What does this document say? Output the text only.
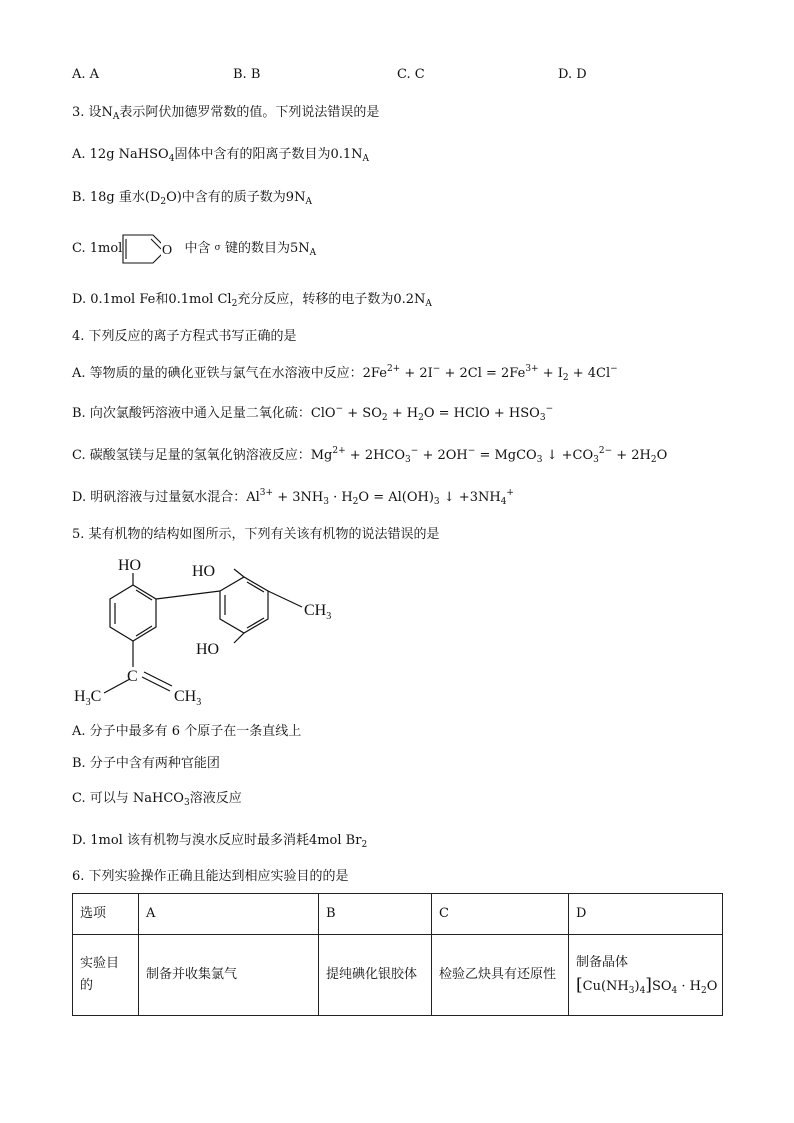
A. A	B. B	C. C	D. D
3. 设$N_A$表示阿伏加德罗常数的值。下列说法错误的是
A. 12g NaHSO$_4$固体中含有的阳离子数目为$0.1N_A$
B. 18g 重水$(D_2O)$中含有的质子数为$9N_A$
C. 1mol	中含 $^\sigma$ 键的数目为$5N_A$
O
D. 0.1mol Fe和0.1mol $Cl_2$充分反应，转移的电子数为$0.2N_A$
4. 下列反应的离子方程式书写正确的是
A. 等物质的量的碘化亚铁与氯气在水溶液中反应：$2Fe^{2+} + 2I^- + 2Cl = 2Fe^{3+} + I_2 + 4Cl^-$
B. 向次氯酸钙溶液中通入足量二氧化硫：$ClO^- + SO_2 + H_2O$ = HClO + $HSO_3^-$
C. 碳酸氢镁与足量的氢氧化钠溶液反应：$Mg^{2+} + 2HCO_3^- + 2OH^-$ = MgCO$_3$ ↓ $+CO_3^{2-} + 2H_2O$
D. 明矾溶液与过量氨水混合：$Al^{3+} + 3NH_3 \cdot H_2O = Al(OH)_3$ ↓ $+3NH_4^+$
5. 某有机物的结构如图所示，下列有关该有机物的说法错误的是
HO	HO
HO
$CH_3$
C
$H_3C$	$CH_3$
A. 分子中最多有 6 个原子在一条直线上
B. 分子中含有两种官能团
C. 可以与 NaHCO$_3$溶液反应
D. 1mol 该有机物与溴水反应时最多消耗4mol $Br_2$
6. 下列实验操作正确且能达到相应实验目的的是
选项	A	B	C	D
实验目的	制备并收集氯气	提纯碘化银胶体	检验乙炔具有还原性	制备晶体
$[Cu(NH_3)_4]SO_4 \cdot H_2O$
